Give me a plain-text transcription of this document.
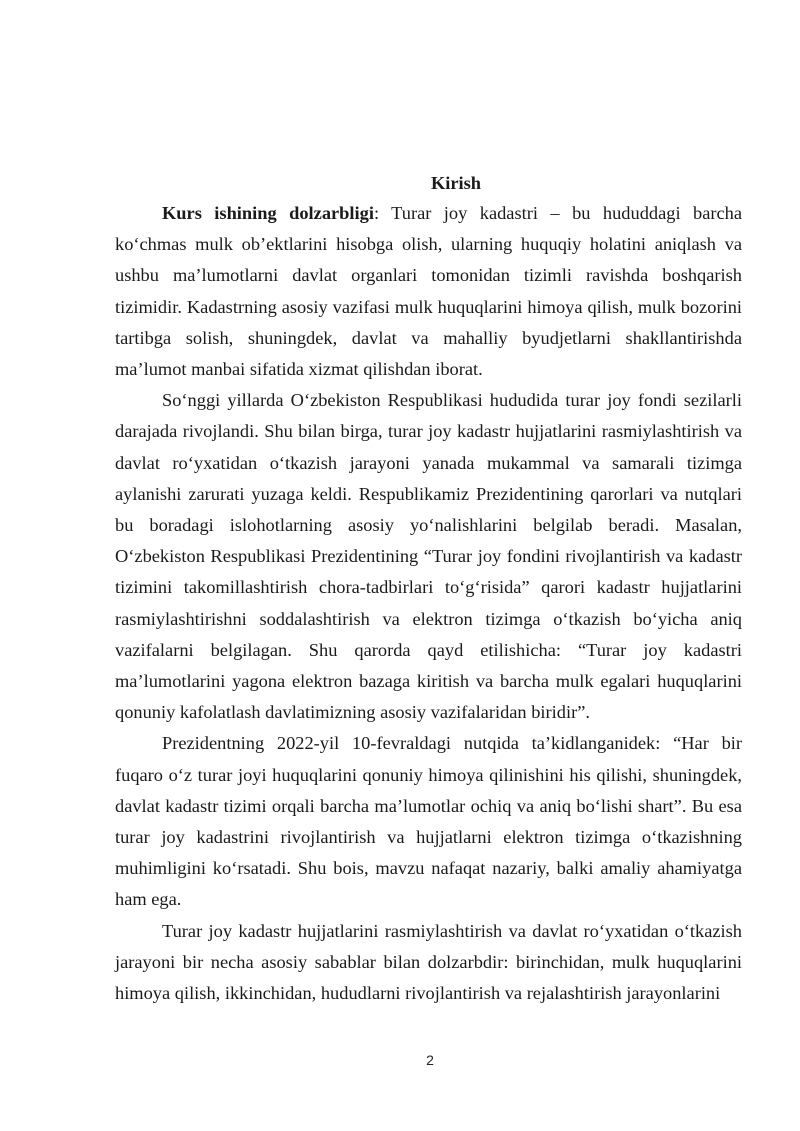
Kirish

Kurs ishining dolzarbligi: Turar joy kadastri – bu hududdagi barcha ko‘chmas mulk ob’ektlarini hisobga olish, ularning huquqiy holatini aniqlash va ushbu ma’lumotlarni davlat organlari tomonidan tizimli ravishda boshqarish tizimidir. Kadastrning asosiy vazifasi mulk huquqlarini himoya qilish, mulk bozorini tartibga solish, shuningdek, davlat va mahalliy byudjetlarni shakllantirishda ma’lumot manbai sifatida xizmat qilishdan iborat.

So‘nggi yillarda O‘zbekiston Respublikasi hududida turar joy fondi sezilarli darajada rivojlandi. Shu bilan birga, turar joy kadastr hujjatlarini rasmiylashtirish va davlat ro‘yxatidan o‘tkazish jarayoni yanada mukammal va samarali tizimga aylanishi zarurati yuzaga keldi. Respublikamiz Prezidentining qarorlari va nutqlari bu boradagi islohotlarning asosiy yo‘nalishlarini belgilab beradi. Masalan, O‘zbekiston Respublikasi Prezidentining “Turar joy fondini rivojlantirish va kadastr tizimini takomillashtirish chora-tadbirlari to‘g‘risida” qarori kadastr hujjatlarini rasmiylashtirishni soddalashtirish va elektron tizimga o‘tkazish bo‘yicha aniq vazifalarni belgilagan. Shu qarorda qayd etilishicha: “Turar joy kadastri ma’lumotlarini yagona elektron bazaga kiritish va barcha mulk egalari huquqlarini qonuniy kafolatlash davlatimizning asosiy vazifalaridan biridir”.

Prezidentning 2022-yil 10-fevraldagi nutqida ta’kidlanganidek: “Har bir fuqaro o‘z turar joyi huquqlarini qonuniy himoya qilinishini his qilishi, shuningdek, davlat kadastr tizimi orqali barcha ma’lumotlar ochiq va aniq bo‘lishi shart”. Bu esa turar joy kadastrini rivojlantirish va hujjatlarni elektron tizimga o‘tkazishning muhimligini ko‘rsatadi. Shu bois, mavzu nafaqat nazariy, balki amaliy ahamiyatga ham ega.

Turar joy kadastr hujjatlarini rasmiylashtirish va davlat ro‘yxatidan o‘tkazish jarayoni bir necha asosiy sabablar bilan dolzarbdir: birinchidan, mulk huquqlarini himoya qilish, ikkinchidan, hududlarni rivojlantirish va rejalashtirish jarayonlarini

2
